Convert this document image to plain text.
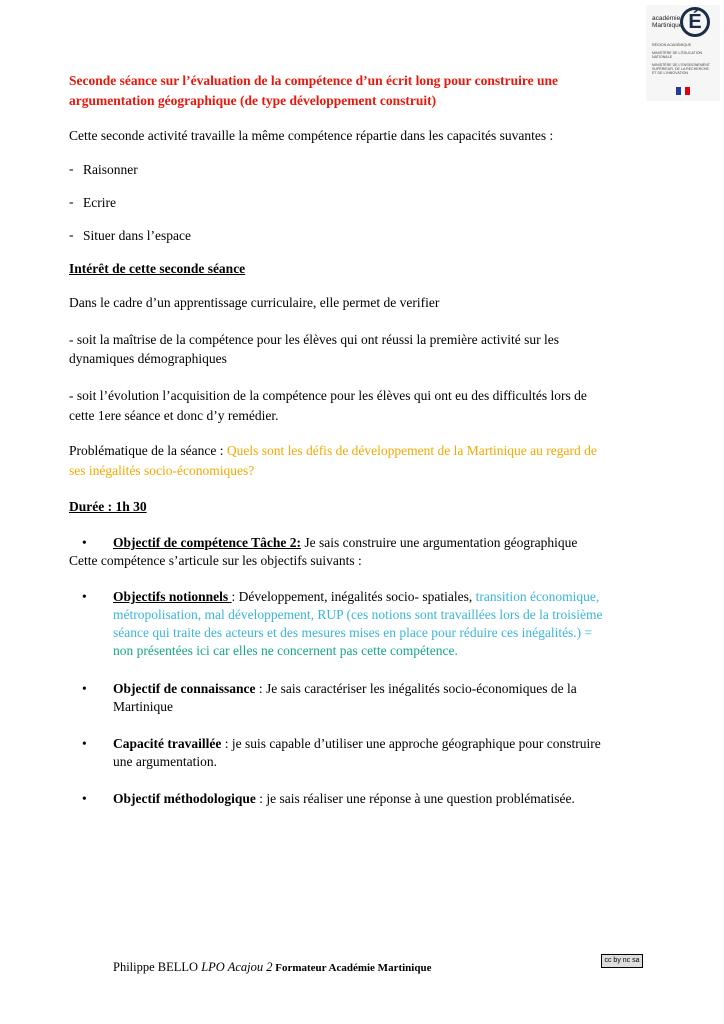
académie
Martinique É
RÉGION ACADÉMIQUE
MINISTÈRE DE L'ÉDUCATION NATIONALE
MINISTÈRE DE L'ENSEIGNEMENT SUPÉRIEUR, DE LA RECHERCHE ET DE L'INNOVATION
Seconde séance sur l’évaluation de la compétence d’un écrit long pour construire une
argumentation géographique (de type développement construit)
Cette seconde activité travaille la même compétence répartie dans les capacités suvantes :
- Raisonner
- Ecrire
- Situer dans l’espace
Intérêt de cette seconde séance
Dans le cadre d’un apprentissage curriculaire, elle permet de verifier
- soit la maîtrise de la compétence pour les élèves qui ont réussi la première activité sur les
dynamiques démographiques
- soit l’évolution l’acquisition de la compétence pour les élèves qui ont eu des difficultés lors de
cette 1ere séance et donc d’y remédier.
Problématique de la séance : Quels sont les défis de développement de la Martinique au regard de
ses inégalités socio-économiques?
Durée : 1h 30
• Objectif de compétence Tâche 2: Je sais construire une argumentation géographique
Cette compétence s’articule sur les objectifs suivants :
• Objectifs notionnels : Développement, inégalités socio- spatiales, transition économique,
métropolisation, mal développement, RUP (ces notions sont travaillées lors de la troisième
séance qui traite des acteurs et des mesures mises en place pour réduire ces inégalités.) =
non présentées ici car elles ne concernent pas cette compétence.
• Objectif de connaissance : Je sais caractériser les inégalités socio-économiques de la
Martinique
• Capacité travaillée : je suis capable d’utiliser une approche géographique pour construire
une argumentation.
• Objectif méthodologique : je sais réaliser une réponse à une question problématisée.
Philippe BELLO LPO Acajou 2 Formateur Académie Martinique
cc by nc sa
